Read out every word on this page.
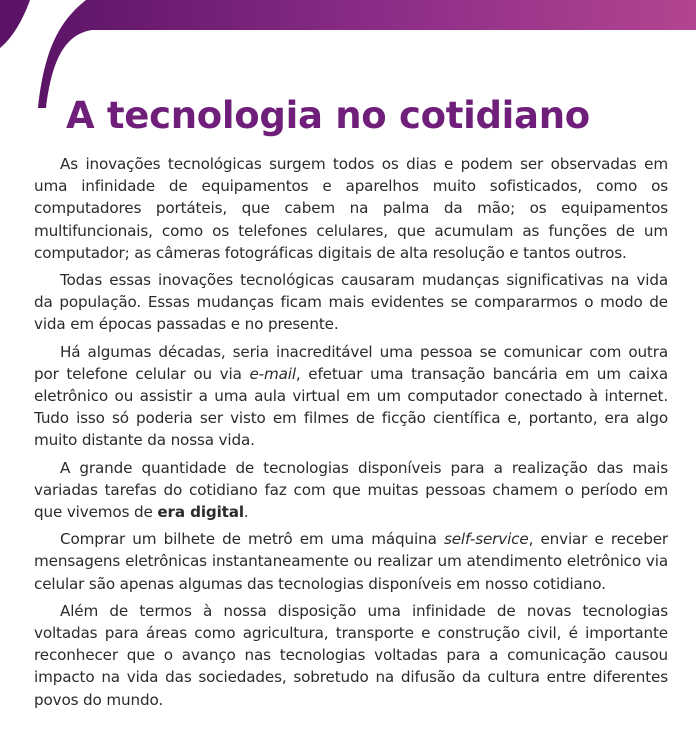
A tecnologia no cotidiano

As inovações tecnológicas surgem todos os dias e podem ser observadas em uma infinidade de equipamentos e aparelhos muito sofisticados, como os computadores portáteis, que cabem na palma da mão; os equipamentos multifuncionais, como os telefones celulares, que acumulam as funções de um computador; as câmeras fotográficas digitais de alta resolução e tantos outros.

Todas essas inovações tecnológicas causaram mudanças significativas na vida da população. Essas mudanças ficam mais evidentes se compararmos o modo de vida em épocas passadas e no presente.

Há algumas décadas, seria inacreditável uma pessoa se comunicar com outra por telefone celular ou via e-mail, efetuar uma transação bancária em um caixa eletrônico ou assistir a uma aula virtual em um computador conectado à internet. Tudo isso só poderia ser visto em filmes de ficção científica e, portanto, era algo muito distante da nossa vida.

A grande quantidade de tecnologias disponíveis para a realização das mais variadas tarefas do cotidiano faz com que muitas pessoas chamem o período em que vivemos de era digital.

Comprar um bilhete de metrô em uma máquina self-service, enviar e receber mensagens eletrônicas instantaneamente ou realizar um atendimento eletrônico via celular são apenas algumas das tecnologias disponíveis em nosso cotidiano.

Além de termos à nossa disposição uma infinidade de novas tecnologias voltadas para áreas como agricultura, transporte e construção civil, é importante reconhecer que o avanço nas tecnologias voltadas para a comunicação causou impacto na vida das sociedades, sobretudo na difusão da cultura entre diferentes povos do mundo.
